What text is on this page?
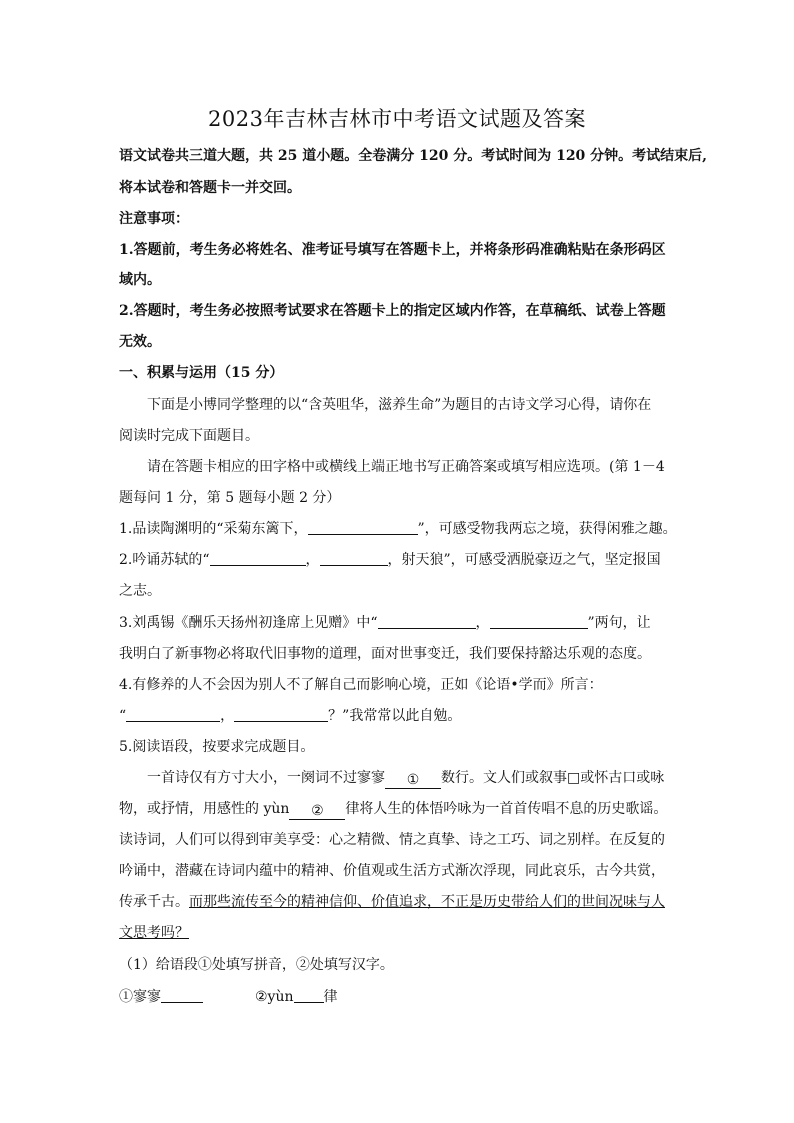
2023年吉林吉林市中考语文试题及答案
语文试卷共三道大题，共 25 道小题。全卷满分 120 分。考试时间为 120 分钟。考试结束后,
将本试卷和答题卡一并交回。
注意事项：
1.答题前，考生务必将姓名、准考证号填写在答题卡上，并将条形码准确粘贴在条形码区
域内。
2.答题时，考生务必按照考试要求在答题卡上的指定区域内作答，在草稿纸、试卷上答题
无效。
一、积累与运用（15 分）
下面是小博同学整理的以“含英咀华，滋养生命”为题目的古诗文学习心得，请你在
阅读时完成下面题目。
请在答题卡相应的田字格中或横线上端正地书写正确答案或填写相应选项。(第 1－4
题每问 1 分，第 5 题每小题 2 分）
1.品读陶渊明的“采菊东篱下，	”，可感受物我两忘之境，获得闲雅之趣。
2.吟诵苏轼的“	，	，射天狼”，可感受洒脱豪迈之气，坚定报国
之志。
3.刘禹锡《酬乐天扬州初逢席上见赠》中“	，	”两句，让
我明白了新事物必将取代旧事物的道理，面对世事变迁，我们要保持豁达乐观的态度。
4.有修养的人不会因为别人不了解自己而影响心境，正如《论语•学而》所言：
“	，	？”我常常以此自勉。
5.阅读语段，按要求完成题目。
一首诗仅有方寸大小，一阕词不过寥寥 ① 数行。文人们或叙事□或怀古口或咏
物，或抒情，用感性的 yùn ② 律将人生的体悟吟咏为一首首传唱不息的历史歌谣。
读诗词，人们可以得到审美享受：心之精微、情之真挚、诗之工巧、词之别样。在反复的
吟诵中，潜藏在诗词内蕴中的精神、价值观或生活方式渐次浮现，同此哀乐，古今共赏，
传承千古。而那些流传至今的精神信仰、价值追求，不正是历史带给人们的世间况味与人
文思考吗？
（1）给语段①处填写拼音，②处填写汉字。
①寥寥	②yùn 律
